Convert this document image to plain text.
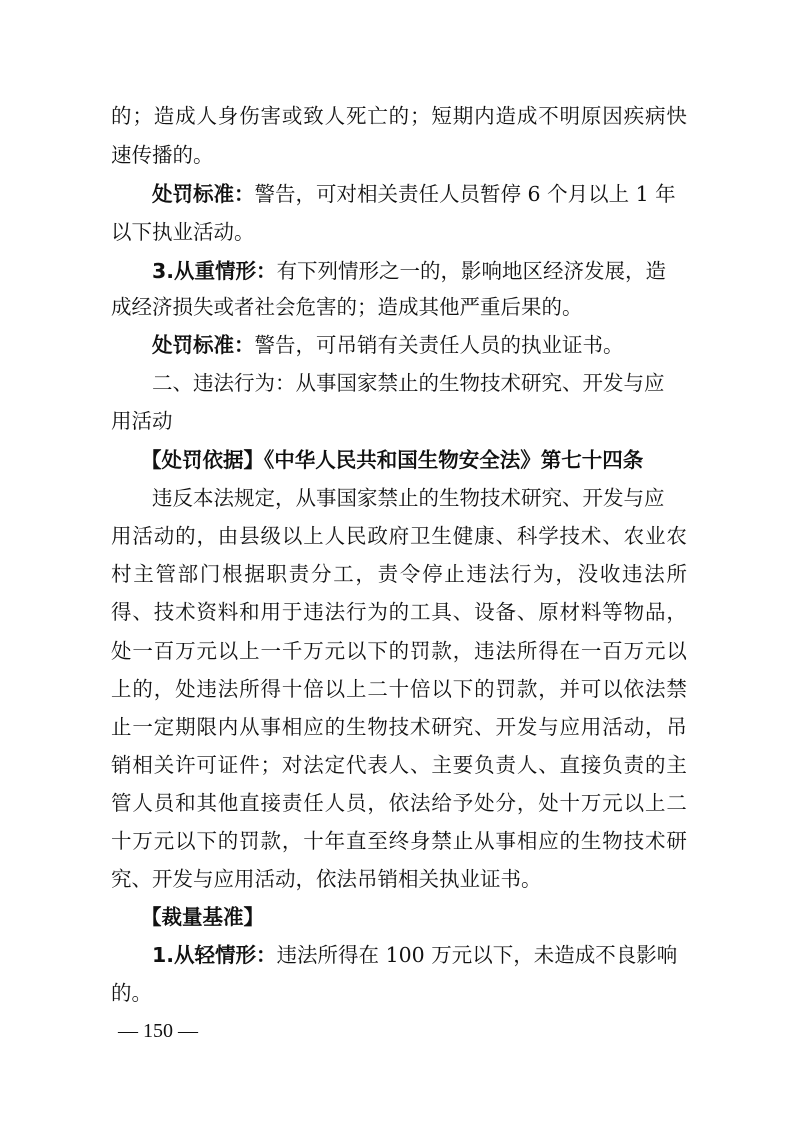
的 ； 造 成 人 身 伤 害 或 致 人 死 亡 的 ； 短 期 内 造 成 不 明 原 因 疾 病 快
速传播的。
处罚标准：警告，可对相关责任人员暂停 6 个月以上 1 年
以下执业活动。
3.从重情形：有下列情形之一的，影响地区经济发展，造
成经济损失或者社会危害的；造成其他严重后果的。
处罚标准：警告，可吊销有关责任人员的执业证书。
二、违法行为：从事国家禁止的生物技术研究、开发与应
用活动
【处罚依据】《中华人民共和国生物安全法》第七十四条
违反本法规定，从事国家禁止的生物技术研究、开发与应
用 活 动 的 ， 由 县 级 以 上 人 民 政 府 卫 生 健 康 、 科 学 技 术 、 农 业 农
村 主 管 部 门 根 据 职 责 分 工 ， 责 令 停 止 违 法 行 为 ， 没 收 违 法 所
得 、 技 术 资 料 和 用 于 违 法 行 为 的 工 具 、 设 备 、 原 材 料 等 物 品 ，
处 一 百 万 元 以 上 一 千 万 元 以 下 的 罚 款 ， 违 法 所 得 在 一 百 万 元 以
上 的 ， 处 违 法 所 得 十 倍 以 上 二 十 倍 以 下 的 罚 款 ， 并 可 以 依 法 禁
止 一 定 期 限 内 从 事 相 应 的 生 物 技 术 研 究 、 开 发 与 应 用 活 动 ， 吊
销 相 关 许 可 证 件 ； 对 法 定 代 表 人 、 主 要 负 责 人 、 直 接 负 责 的 主
管 人 员 和 其 他 直 接 责 任 人 员 ， 依 法 给 予 处 分 ， 处 十 万 元 以 上 二
十 万 元 以 下 的 罚 款 ， 十 年 直 至 终 身 禁 止 从 事 相 应 的 生 物 技 术 研
究、开发与应用活动，依法吊销相关执业证书。
【裁量基准】
1.从轻情形：违法所得在 100 万元以下，未造成不良影响
的。
— 150 —
